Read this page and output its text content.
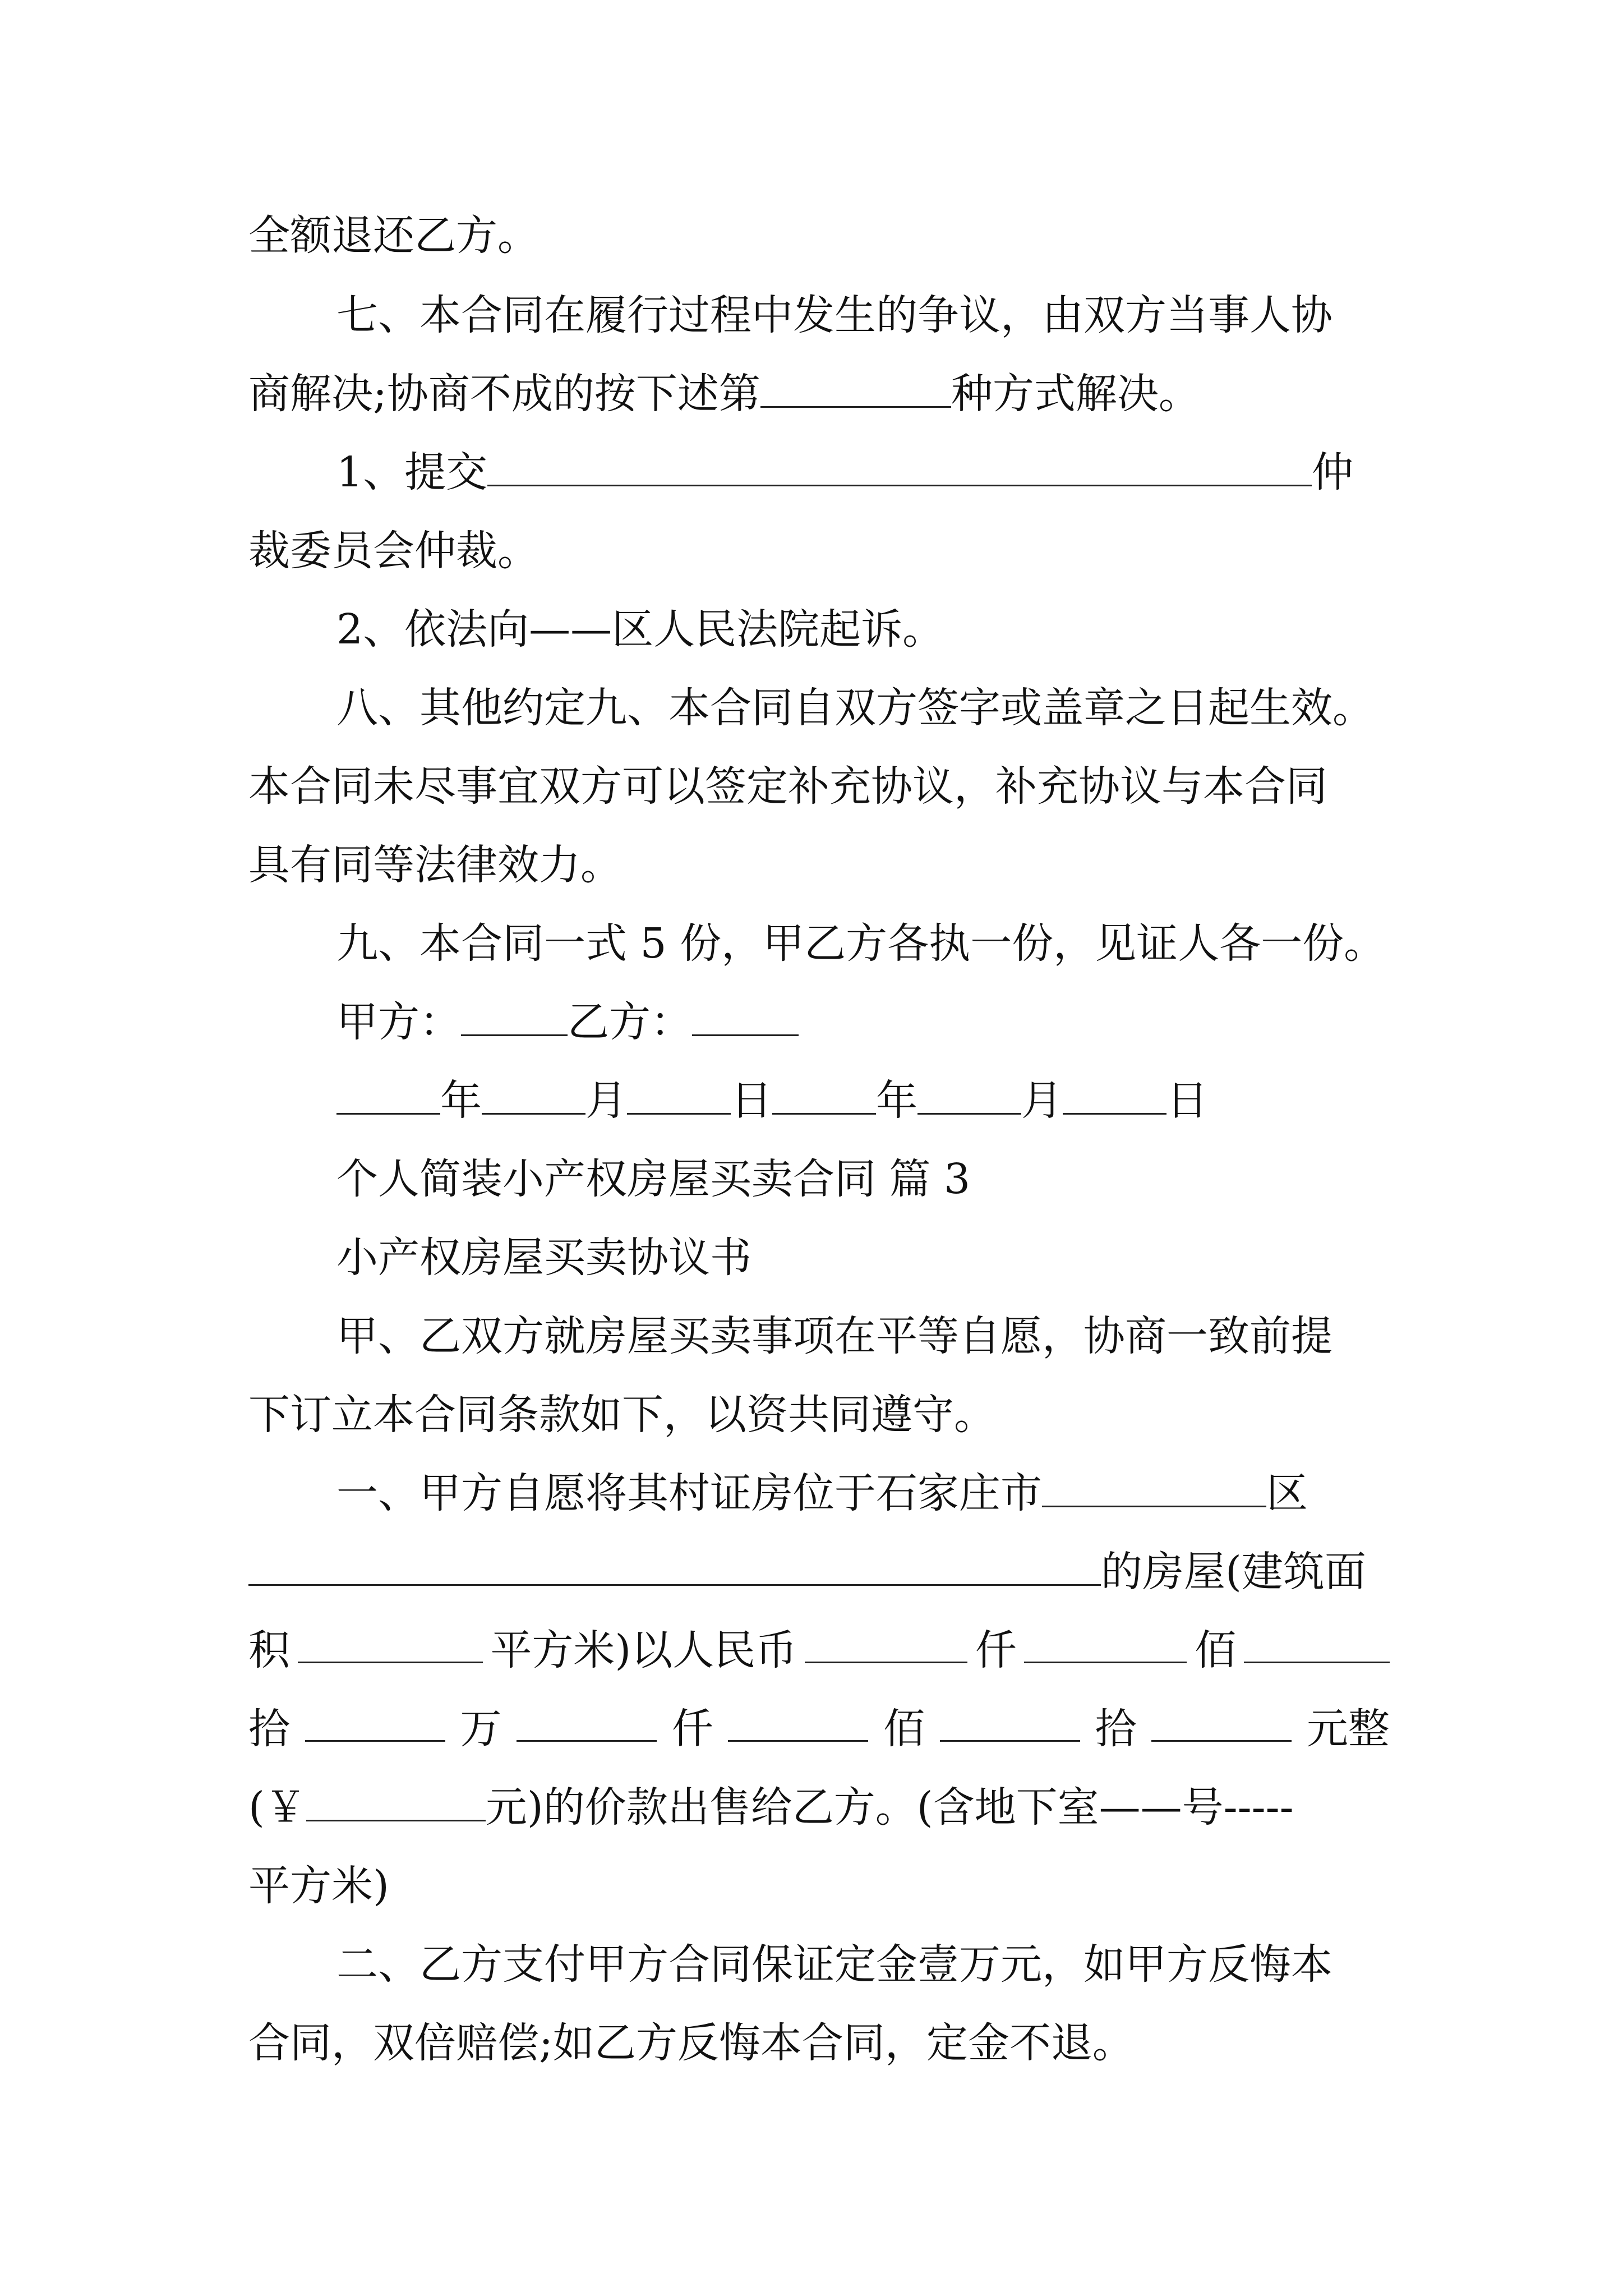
全额退还乙方。
七、本合同在履行过程中发生的争议，由双方当事人协
商解决;协商不成的按下述第	种方式解决。
1、提交	仲
裁委员会仲裁。
2、依法向——区人民法院起诉。
八、其他约定九、本合同自双方签字或盖章之日起生效。
本合同未尽事宜双方可以签定补充协议，补充协议与本合同
具有同等法律效力。
九、本合同一式 5 份，甲乙方各执一份，见证人各一份。
甲方：	乙方：
年	月	日	年	月	日
个人简装小产权房屋买卖合同 篇 3
小产权房屋买卖协议书
甲、乙双方就房屋买卖事项在平等自愿，协商一致前提
下订立本合同条款如下，以资共同遵守。
一、甲方自愿将其村证房位于石家庄市	区
的房屋(建筑面
积	平方米)以人民币	仟	佰
拾	万	仟	佰	拾	元整
(￥	元)的价款出售给乙方。(含地下室——号-----
平方米)
二、乙方支付甲方合同保证定金壹万元，如甲方反悔本
合同，双倍赔偿;如乙方反悔本合同，定金不退。
